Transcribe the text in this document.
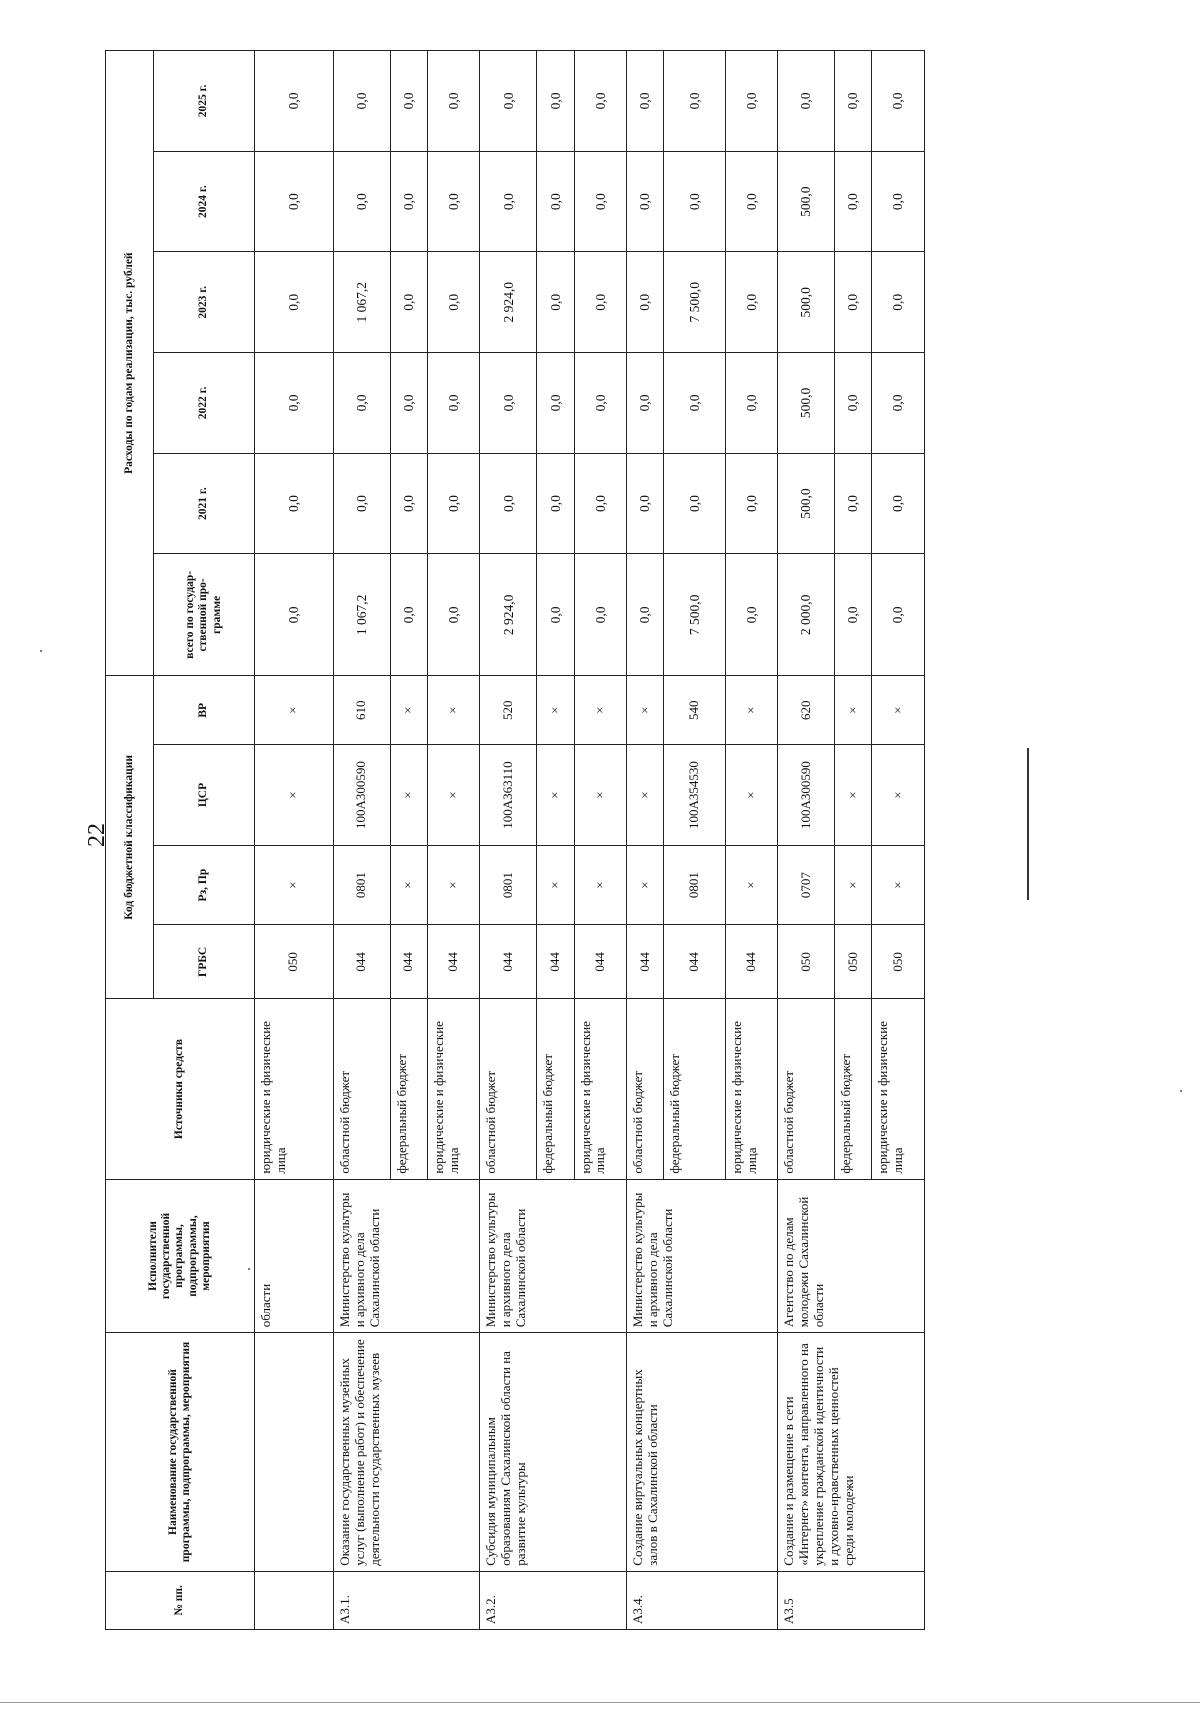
22
№ пп.	Наименование государственной программы, подпрограммы, мероприятия	Исполнители государственной программы, подпрограммы, мероприятия	Источники средств	Код бюджетной классификации				Расходы по годам реализации, тыс. рублей					
				ГРБС	Рз, Пр	ЦСР	ВР	всего по государ-ственной про-грамме	2021 г.	2022 г.	2023 г.	2024 г.	2025 г.
		области	юридические и физические лица	050	×	×	×	0,0	0,0	0,0	0,0	0,0	0,0
А3.1.	Оказание государственных музейных услуг (выполнение работ) и обеспечение деятельности государственных музеев	Министерство культуры и архивного дела Сахалинской области	областной бюджет	044	0801	100А300590	610	1 067,2	0,0	0,0	1 067,2	0,0	0,0
			федеральный бюджет	044	×	×	×	0,0	0,0	0,0	0,0	0,0	0,0
			юридические и физические лица	044	×	×	×	0,0	0,0	0,0	0,0	0,0	0,0
А3.2.	Субсидия муниципальным образованиям Сахалинской области на развитие культуры	Министерство культуры и архивного дела Сахалинской области	областной бюджет	044	0801	100А363110	520	2 924,0	0,0	0,0	2 924,0	0,0	0,0
			федеральный бюджет	044	×	×	×	0,0	0,0	0,0	0,0	0,0	0,0
			юридические и физические лица	044	×	×	×	0,0	0,0	0,0	0,0	0,0	0,0
А3.4.	Создание виртуальных концертных залов в Сахалинской области	Министерство культуры и архивного дела Сахалинской области	областной бюджет	044	×	×	×	0,0	0,0	0,0	0,0	0,0	0,0
			федеральный бюджет	044	0801	100А354530	540	7 500,0	0,0	0,0	7 500,0	0,0	0,0
			юридические и физические лица	044	×	×	×	0,0	0,0	0,0	0,0	0,0	0,0
А3.5	Создание и размещение в сети «Интернет» контента, направленного на укрепление гражданской идентичности и духовно-нравственных ценностей среди молодежи	Агентство по делам молодежи Сахалинской области	областной бюджет	050	0707	100А300590	620	2 000,0	500,0	500,0	500,0	500,0	0,0
			федеральный бюджет	050	×	×	×	0,0	0,0	0,0	0,0	0,0	0,0
			юридические и физические лица	050	×	×	×	0,0	0,0	0,0	0,0	0,0	0,0
